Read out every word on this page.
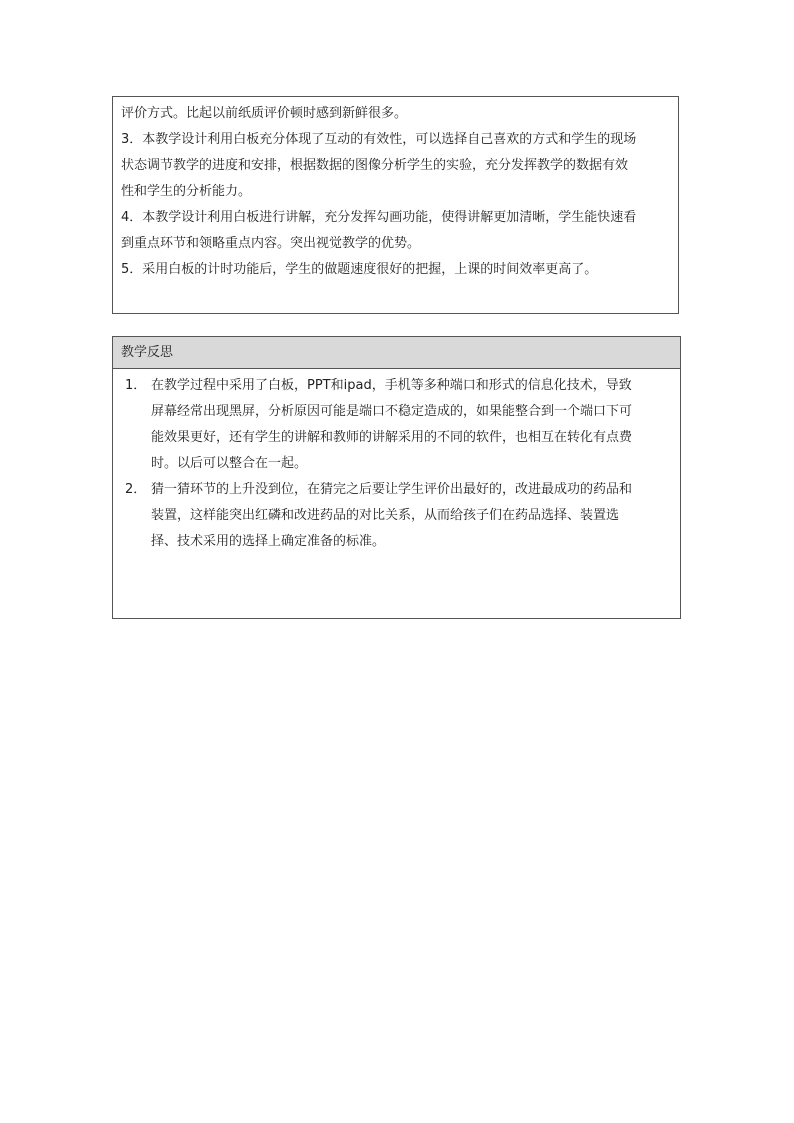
评价方式。比起以前纸质评价顿时感到新鲜很多。
3．本教学设计利用白板充分体现了互动的有效性，可以选择自己喜欢的方式和学生的现场
状态调节教学的进度和安排，根据数据的图像分析学生的实验，充分发挥教学的数据有效
性和学生的分析能力。
4．本教学设计利用白板进行讲解，充分发挥勾画功能，使得讲解更加清晰，学生能快速看
到重点环节和领略重点内容。突出视觉教学的优势。
5．采用白板的计时功能后，学生的做题速度很好的把握，上课的时间效率更高了。
教学反思
1． 在教学过程中采用了白板，PPT和ipad，手机等多种端口和形式的信息化技术，导致
屏幕经常出现黑屏，分析原因可能是端口不稳定造成的，如果能整合到一个端口下可
能效果更好，还有学生的讲解和教师的讲解采用的不同的软件，也相互在转化有点费
时。以后可以整合在一起。
2． 猜一猜环节的上升没到位，在猜完之后要让学生评价出最好的，改进最成功的药品和
装置，这样能突出红磷和改进药品的对比关系，从而给孩子们在药品选择、装置选
择、技术采用的选择上确定准备的标准。
